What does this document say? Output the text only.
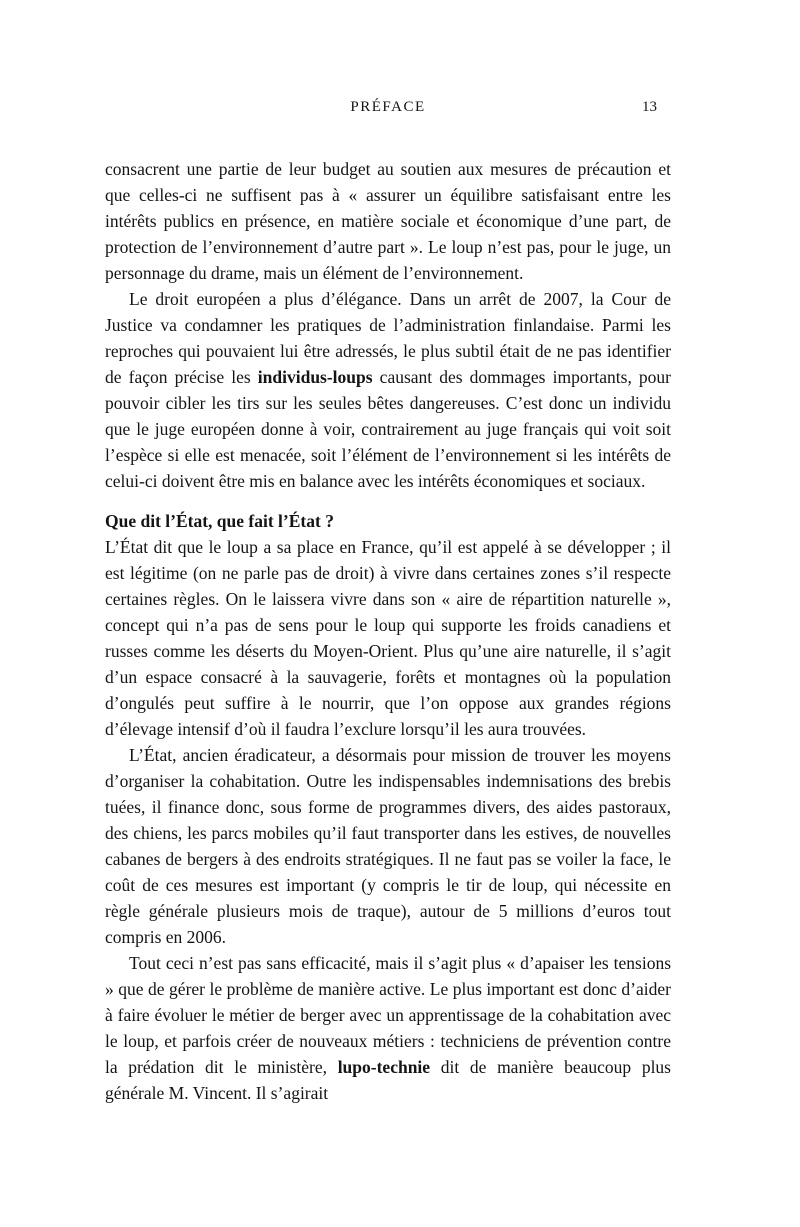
PRÉFACE	13

consacrent une partie de leur budget au soutien aux mesures de précaution et que celles-ci ne suffisent pas à « assurer un équilibre satisfaisant entre les intérêts publics en présence, en matière sociale et économique d’une part, de protection de l’environnement d’autre part ». Le loup n’est pas, pour le juge, un personnage du drame, mais un élément de l’environnement.

Le droit européen a plus d’élégance. Dans un arrêt de 2007, la Cour de Justice va condamner les pratiques de l’administration finlandaise. Parmi les reproches qui pouvaient lui être adressés, le plus subtil était de ne pas identifier de façon précise les individus-loups causant des dommages importants, pour pouvoir cibler les tirs sur les seules bêtes dangereuses. C’est donc un individu que le juge européen donne à voir, contrairement au juge français qui voit soit l’espèce si elle est menacée, soit l’élément de l’environnement si les intérêts de celui-ci doivent être mis en balance avec les intérêts économiques et sociaux.

Que dit l’État, que fait l’État ?

L’État dit que le loup a sa place en France, qu’il est appelé à se développer ; il est légitime (on ne parle pas de droit) à vivre dans certaines zones s’il respecte certaines règles. On le laissera vivre dans son « aire de répartition naturelle », concept qui n’a pas de sens pour le loup qui supporte les froids canadiens et russes comme les déserts du Moyen-Orient. Plus qu’une aire naturelle, il s’agit d’un espace consacré à la sauvagerie, forêts et montagnes où la population d’ongulés peut suffire à le nourrir, que l’on oppose aux grandes régions d’élevage intensif d’où il faudra l’exclure lorsqu’il les aura trouvées.

L’État, ancien éradicateur, a désormais pour mission de trouver les moyens d’organiser la cohabitation. Outre les indispensables indemnisations des brebis tuées, il finance donc, sous forme de programmes divers, des aides pastoraux, des chiens, les parcs mobiles qu’il faut transporter dans les estives, de nouvelles cabanes de bergers à des endroits stratégiques. Il ne faut pas se voiler la face, le coût de ces mesures est important (y compris le tir de loup, qui nécessite en règle générale plusieurs mois de traque), autour de 5 millions d’euros tout compris en 2006.

Tout ceci n’est pas sans efficacité, mais il s’agit plus « d’apaiser les tensions » que de gérer le problème de manière active. Le plus important est donc d’aider à faire évoluer le métier de berger avec un apprentissage de la cohabitation avec le loup, et parfois créer de nouveaux métiers : techniciens de prévention contre la prédation dit le ministère, lupo-technie dit de manière beaucoup plus générale M. Vincent. Il s’agirait
